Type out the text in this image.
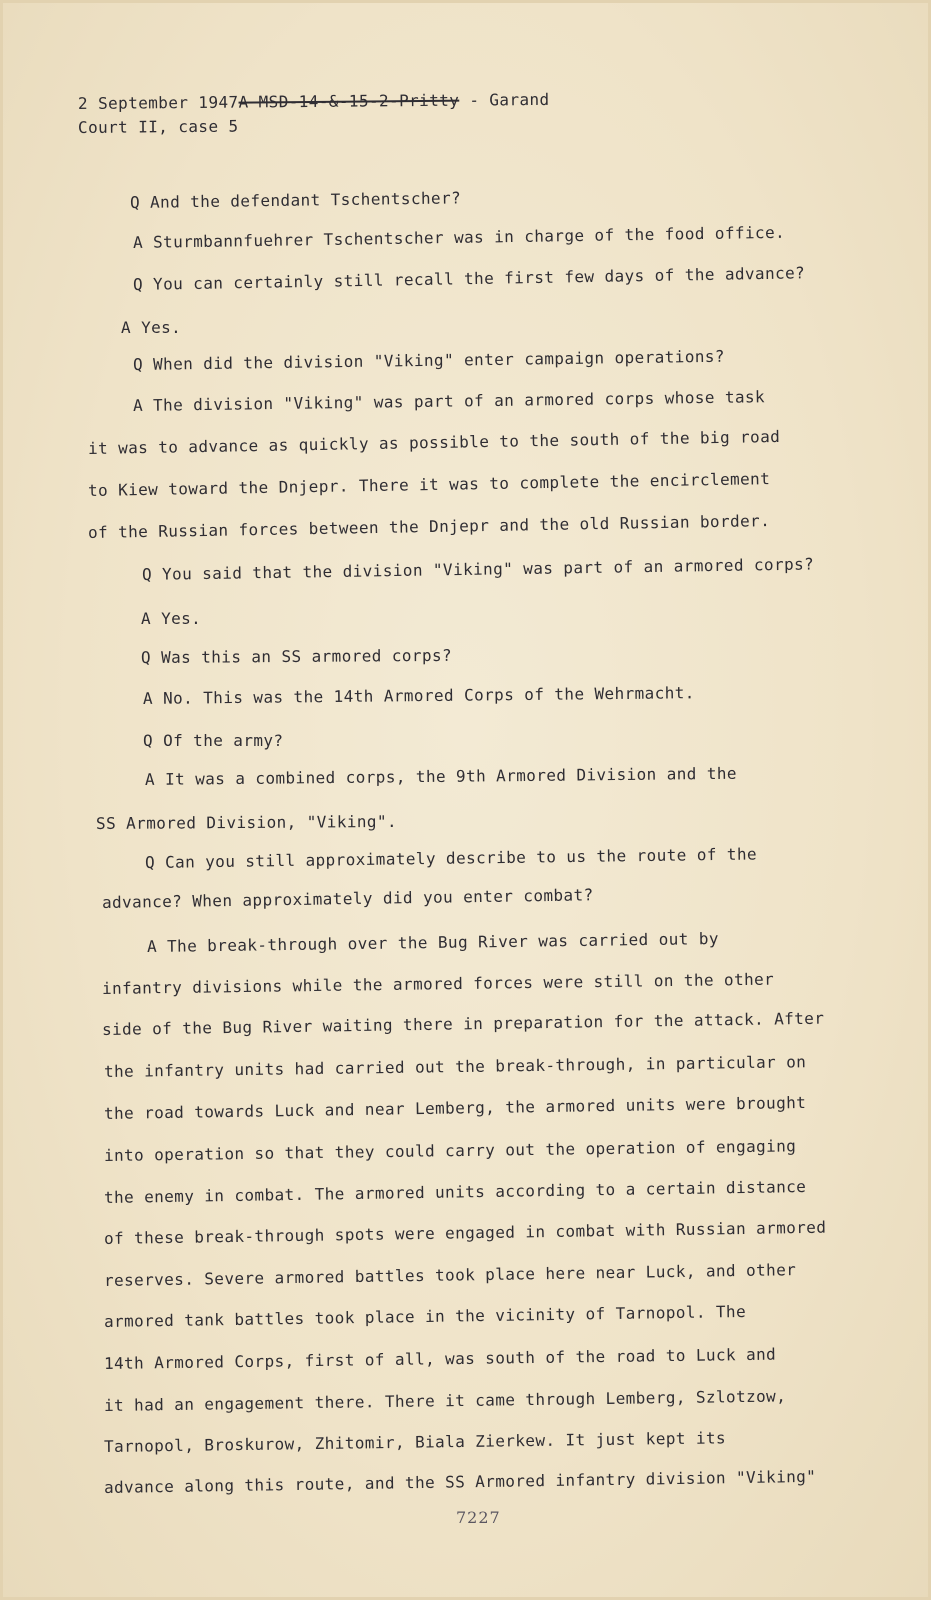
2 September 1947A MSD-14-&-15-2-Pritty - Garand
Court II, case 5
Q And the defendant Tschentscher?
A Sturmbannfuehrer Tschentscher was in charge of the food office.
Q You can certainly still recall the first few days of the advance?
A Yes.
Q When did the division "Viking" enter campaign operations?
A The division "Viking" was part of an armored corps whose task
it was to advance as quickly as possible to the south of the big road
to Kiew toward the Dnjepr. There it was to complete the encirclement
of the Russian forces between the Dnjepr and the old Russian border.
Q You said that the division "Viking" was part of an armored corps?
A Yes.
Q Was this an SS armored corps?
A No. This was the 14th Armored Corps of the Wehrmacht.
Q Of the army?
A It was a combined corps, the 9th Armored Division and the
SS Armored Division, "Viking".
Q Can you still approximately describe to us the route of the
advance? When approximately did you enter combat?
A The break-through over the Bug River was carried out by
infantry divisions while the armored forces were still on the other
side of the Bug River waiting there in preparation for the attack. After
the infantry units had carried out the break-through, in particular on
the road towards Luck and near Lemberg, the armored units were brought
into operation so that they could carry out the operation of engaging
the enemy in combat. The armored units according to a certain distance
of these break-through spots were engaged in combat with Russian armored
reserves. Severe armored battles took place here near Luck, and other
armored tank battles took place in the vicinity of Tarnopol. The
14th Armored Corps, first of all, was south of the road to Luck and
it had an engagement there. There it came through Lemberg, Szlotzow,
Tarnopol, Broskurow, Zhitomir, Biala Zierkew. It just kept its
advance along this route, and the SS Armored infantry division "Viking"
7227
